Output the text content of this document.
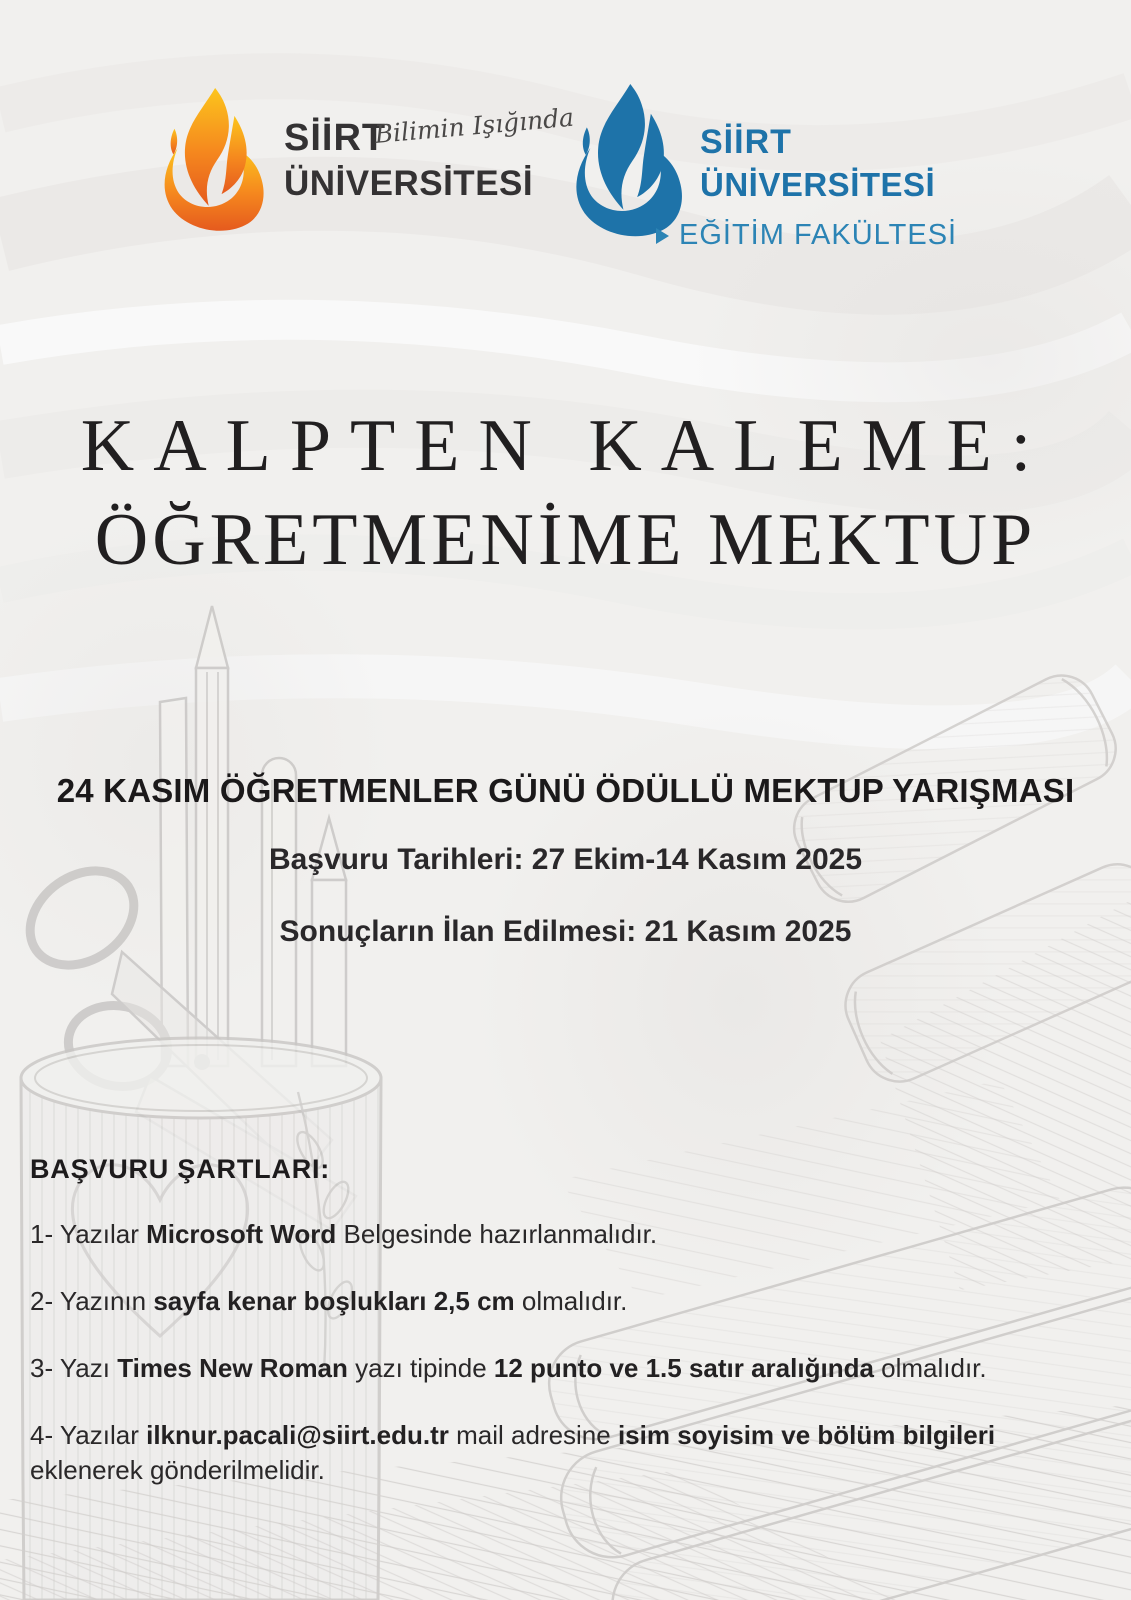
SİİRT
Bilimin Işığında
ÜNİVERSİTESİ
SİİRT
ÜNİVERSİTESİ
EĞİTİM FAKÜLTESİ
KALPTEN KALEME:
ÖĞRETMENİME MEKTUP
24 KASIM ÖĞRETMENLER GÜNÜ ÖDÜLLÜ MEKTUP YARIŞMASI
Başvuru Tarihleri: 27 Ekim-14 Kasım 2025
Sonuçların İlan Edilmesi: 21 Kasım 2025
BAŞVURU ŞARTLARI:

1- Yazılar Microsoft Word Belgesinde hazırlanmalıdır.

2- Yazının sayfa kenar boşlukları 2,5 cm olmalıdır.

3- Yazı Times New Roman yazı tipinde 12 punto ve 1.5 satır aralığında olmalıdır.

4- Yazılar ilknur.pacali@siirt.edu.tr mail adresine isim soyisim ve bölüm bilgileri eklenerek gönderilmelidir.
